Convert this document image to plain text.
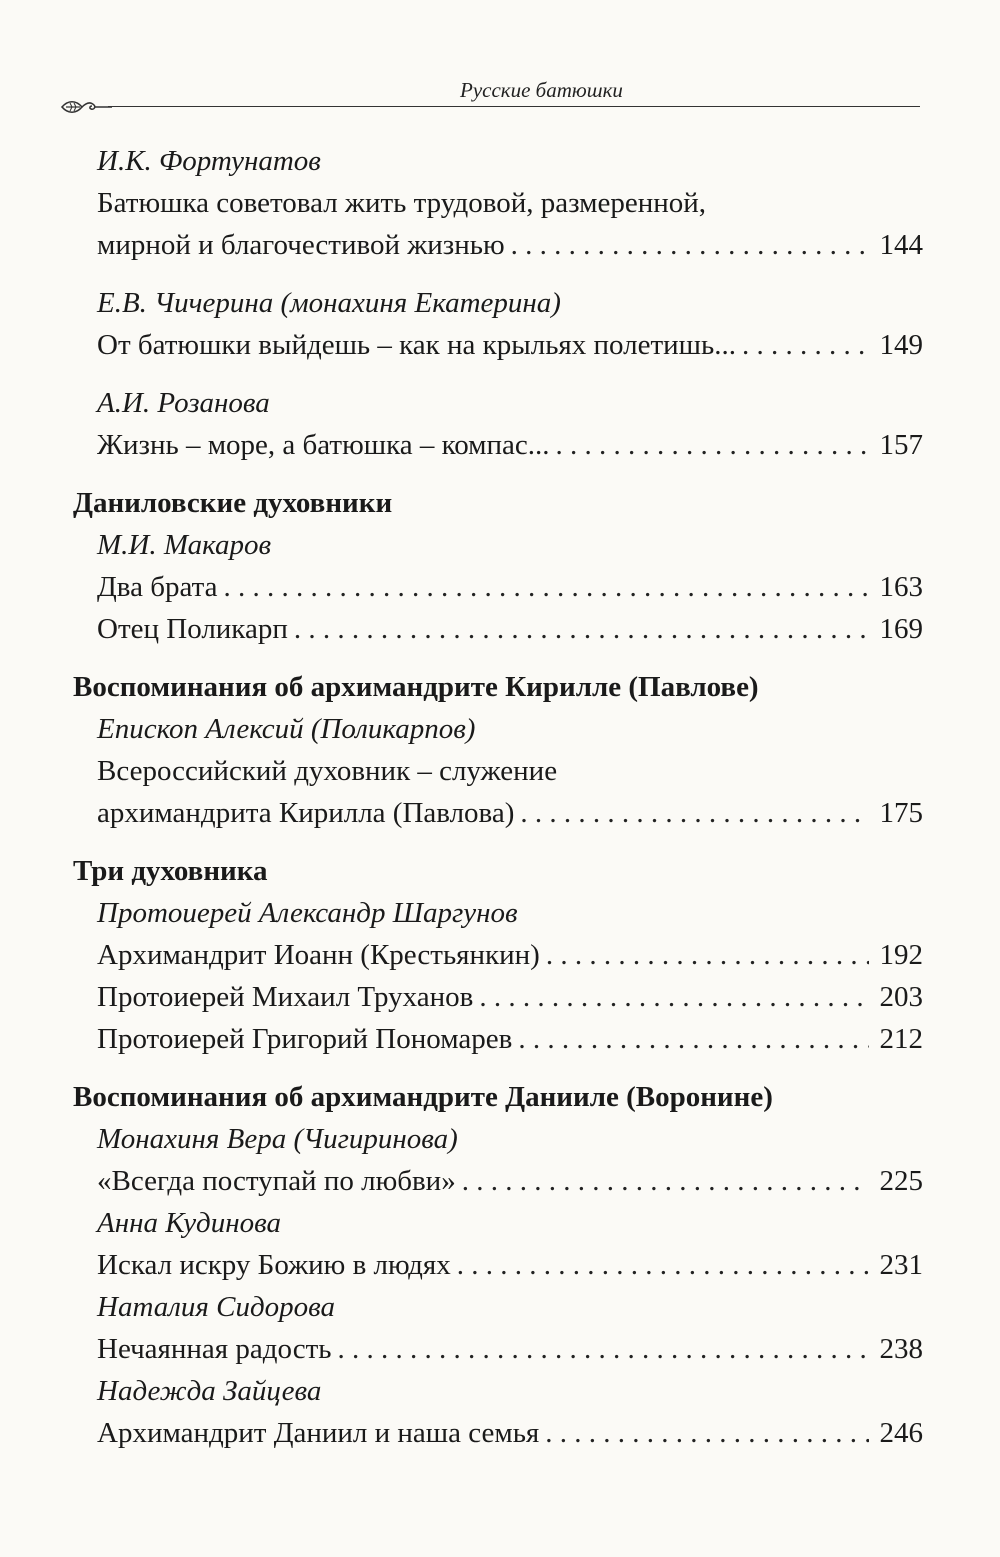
Русские батюшки
И.К. Фортунатов
Батюшка советовал жить трудовой, размеренной,
мирной и благочестивой жизнью . . .	144
Е.В. Чичерина (монахиня Екатерина)
От батюшки выйдешь – как на крыльях полетишь... . . .	149
А.И. Розанова
Жизнь – море, а батюшка – компас... . . .	157
Даниловские духовники
М.И. Макаров
Два брата . . .	163
Отец Поликарп . . .	169
Воспоминания об архимандрите Кирилле (Павлове)
Епископ Алексий (Поликарпов)
Всероссийский духовник – служение
архимандрита Кирилла (Павлова) . . .	175
Три духовника
Протоиерей Александр Шаргунов
Архимандрит Иоанн (Крестьянкин) . . .	192
Протоиерей Михаил Труханов . . .	203
Протоиерей Григорий Пономарев . . .	212
Воспоминания об архимандрите Данииле (Воронине)
Монахиня Вера (Чигиринова)
«Всегда поступай по любви» . . .	225
Анна Кудинова
Искал искру Божию в людях . . .	231
Наталия Сидорова
Нечаянная радость . . .	238
Надежда Зайцева
Архимандрит Даниил и наша семья . . .	246
